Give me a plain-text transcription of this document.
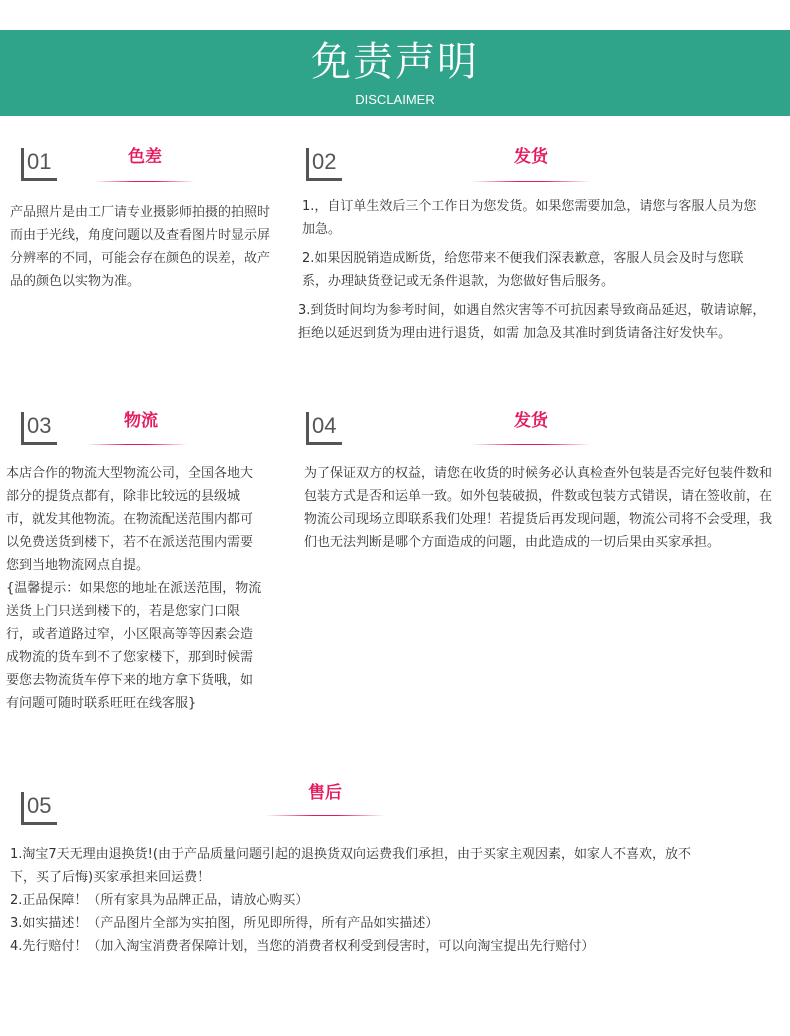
免责声明
DISCLAIMER
01	色差

产品照片是由工厂请专业摄影师拍摄的拍照时而由于光线，角度问题以及查看图片时显示屏分辨率的不同，可能会存在颜色的误差，故产品的颜色以实物为准。

02	发货

1.，自订单生效后三个工作日为您发货。如果您需要加急，请您与客服人员为您加急。

2.如果因脱销造成断货，给您带来不便我们深表歉意，客服人员会及时与您联系，办理缺货登记或无条件退款，为您做好售后服务。

3.到货时间均为参考时间，如遇自然灾害等不可抗因素导致商品延迟，敬请谅解，拒绝以延迟到货为理由进行退货，如需 加急及其准时到货请备注好发快车。

03	物流

本店合作的物流大型物流公司，全国各地大部分的提货点都有，除非比较远的县级城市，就发其他物流。在物流配送范围内都可以免费送货到楼下，若不在派送范围内需要您到当地物流网点自提。

{温馨提示：如果您的地址在派送范围，物流送货上门只送到楼下的，若是您家门口限行，或者道路过窄，小区限高等等因素会造成物流的货车到不了您家楼下，那到时候需要您去物流货车停下来的地方拿下货哦，如有问题可随时联系旺旺在线客服}

04	发货

为了保证双方的权益，请您在收货的时候务必认真检查外包装是否完好包装件数和包装方式是否和运单一致。如外包装破损，件数或包装方式错误，请在签收前，在物流公司现场立即联系我们处理！若提货后再发现问题，物流公司将不会受理，我们也无法判断是哪个方面造成的问题，由此造成的一切后果由买家承担。

05	售后

1.淘宝7天无理由退换货!(由于产品质量问题引起的退换货双向运费我们承担，由于买家主观因素，如家人不喜欢，放不下，买了后悔)买家承担来回运费！

2.正品保障！（所有家具为品牌正品，请放心购买）

3.如实描述！（产品图片全部为实拍图，所见即所得，所有产品如实描述）

4.先行赔付！（加入淘宝消费者保障计划，当您的消费者权利受到侵害时，可以向淘宝提出先行赔付）
